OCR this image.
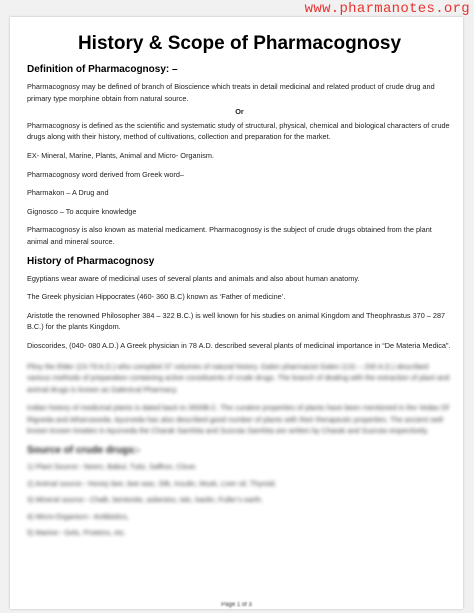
www.pharmanotes.org
History & Scope of Pharmacognosy
Definition of Pharmacognosy: –

Pharmacognosy may be defined of branch of Bioscience which treats in detail medicinal and related product of crude drug and primary type morphine obtain from natural source.

Or

Pharmacognosy is defined as the scientific and systematic study of structural, physical, chemical and biological characters of crude drugs along with their history, method of cultivations, collection and preparation for the market.

EX- Mineral, Marine, Plants, Animal and Micro- Organism.

Pharmacognosy word derived from Greek word–

Pharmakon – A Drug and

Gignosco – To acquire knowledge

Pharmacognosy is also known as material medicament. Pharmacognosy is the subject of crude drugs obtained from the plant animal and mineral source.

History of Pharmacognosy

Egyptians wear aware of medicinal uses of several plants and animals and also about human anatomy.

The Greek physician Hippocrates (460- 360 B.C) known as ‘Father of medicine’.

Aristotle the renowned Philosopher 384 – 322 B.C.) is well known for his studies on animal Kingdom and Theophrastus 370 – 287 B.C.) for the plants Kingdom.

Dioscorides, (040- 080 A.D.) A Greek physician in 78 A.D. described several plants of medicinal importance in “De Materia Medica”.

Pliny the Elder (23-79 A.D.) who compiled 37 volumes of natural history. Galen pharmacist Galen (131 – 200 A.D.) described various methods of preparation containing active constituents of crude drugs. The branch of dealing with the extraction of plant and animal drugs is known as Galenical Pharmacy.

Indian history of medicinal plants is dated back to 3500B.C. The curative properties of plants have been mentioned in the Vedas Of Rigveda and Atharvaveda. Ayurveda has also described good number of plants with their therapeutic properties. The ancient well known known treaties in Ayurveda the Charak Samhita and Susruta Samhita are written by Charak and Susruta respectively.

Source of crude drugs:-

1) Plant Source:- Neem, Babul, Tulsi, Saffron, Clove.

2) Animal source:- Honey bee, bee wax, Silk, Insulin, Musk, Liver oil, Thyroid.

3) Mineral source:- Chalk, bentonite, asbestos, talc, kaolin, Fuller’s earth.

4) Micro-Organism:- Antibiotics,

5) Marine:- Gels, Proteins, etc.

Page 1 of 3
